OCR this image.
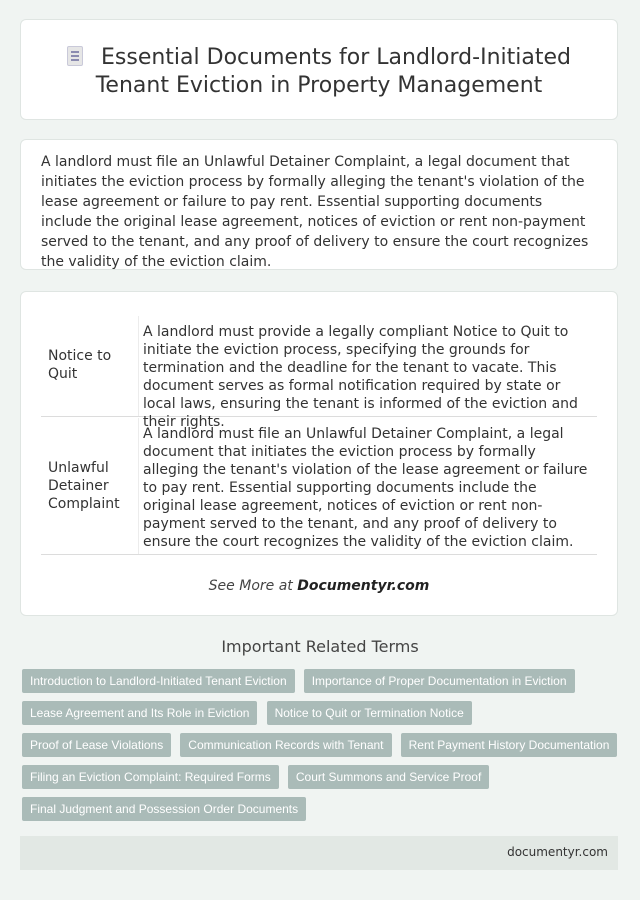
Essential Documents for Landlord-Initiated
Tenant Eviction in Property Management
A landlord must file an Unlawful Detainer Complaint, a legal document that initiates the eviction process by formally alleging the tenant's violation of the lease agreement or failure to pay rent. Essential supporting documents include the original lease agreement, notices of eviction or rent non-payment served to the tenant, and any proof of delivery to ensure the court recognizes the validity of the eviction claim.
Notice to Quit
A landlord must provide a legally compliant Notice to Quit to initiate the eviction process, specifying the grounds for termination and the deadline for the tenant to vacate. This document serves as formal notification required by state or local laws, ensuring the tenant is informed of the eviction and their rights.
Unlawful Detainer Complaint
A landlord must file an Unlawful Detainer Complaint, a legal document that initiates the eviction process by formally alleging the tenant's violation of the lease agreement or failure to pay rent. Essential supporting documents include the original lease agreement, notices of eviction or rent non-payment served to the tenant, and any proof of delivery to ensure the court recognizes the validity of the eviction claim.
See More at Documentyr.com
Important Related Terms
Introduction to Landlord-Initiated Tenant Eviction Importance of Proper Documentation in Eviction Lease Agreement and Its Role in Eviction Notice to Quit or Termination Notice Proof of Lease Violations Communication Records with Tenant Rent Payment History Documentation Filing an Eviction Complaint: Required Forms Court Summons and Service Proof Final Judgment and Possession Order Documents
documentyr.com
